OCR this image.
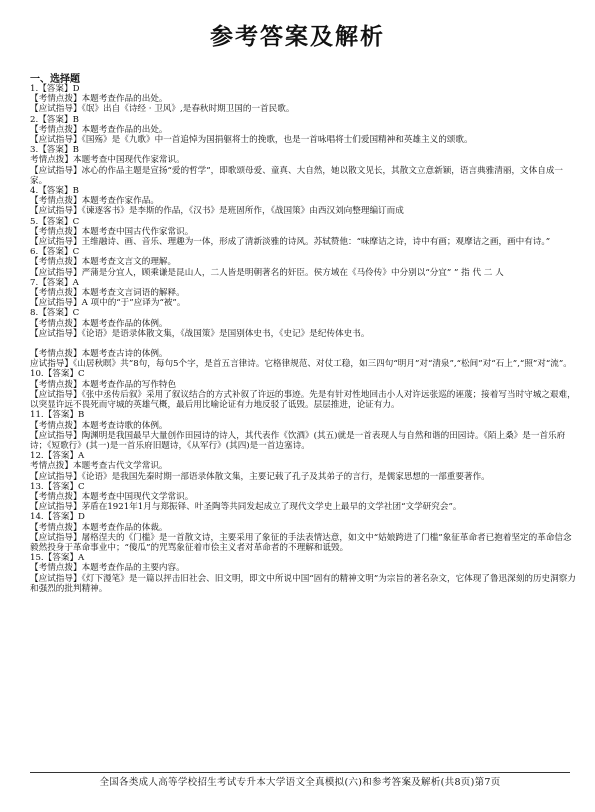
参考答案及解析
一、选择题
1.【答案】D
【考情点拨】本题考查作品的出处。
【应试指导】《氓》出自《诗经 · 卫风》,是春秋时期卫国的一首民歌。
2.【答案】B
【考情点拨】本题考查作品的出处。
【应试指导】《国殇》是《九歌》中一首追悼为国捐躯将士的挽歌，也是一首咏唱将士们爱国精神和英雄主义的颂歌。
3.【答案】B
考情点拨】本题考查中国现代作家常识。
【应试指导】冰心的作品主题是宣扬“爱的哲学”，即歌颂母爱、童真、大自然，她以散文见长，其散文立意新颖，语言典雅清丽，文体自成一家。
4.【答案】B
【考情点拨】本题考查作家作品。
【应试指导】《谏逐客书》是李斯的作品，《汉书》是班固所作，《战国策》由西汉刘向整理编订而成
5.【答案】C
【考情点拨】本题考查中国古代作家常识。
【应试指导】王维融诗、画、音乐、理趣为一体，形成了清新淡雅的诗风。苏轼赞他：“味摩诘之诗，诗中有画；观摩诘之画，画中有诗。”
6.【答案】C
【考情点拨】本题考查文言文的理解。
【应试指导】严蒲是分宜人，顾乘谦是昆山人，二人皆是明朝著名的奸臣。侯方域在《马伶传》中分别以“分宜” ” 指 代 二 人
7.【答案】A
【考情点拨】本题考查文言词语的解释。
【应试指导】A 项中的“于”应译为“被”。
8.【答案】C
【考情点拨】本题考查作品的体例。
【应试指导】《论语》是语录体散文集，《战国策》是国别体史书，《史记》是纪传体史书。
【考情点拨】本题考查古诗的体例。
应试指导】《山居秋暝》共”8句，每句5个字，是首五言律诗。它格律规范、对仗工稳，如三四句“明月”对“清泉”,“松间”对“石上”,“照”对“流”。
10.【答案】C
【考情点拨】本题考查作品的写作特色
【应试指导】《张中丞传后叙》采用了叙议结合的方式补叙了许远的事迹。先是有针对性地回击小人对许远张巡的诬蔑；接着写当时守城之艰难，以突显许远不畏死而守城的英雄气概，最后用比喻论证有力地反驳了诋毁。层层推进，论证有力。
11.【答案】B
【考情点拨】本题考查诗歌的体例。
【应试指导】陶渊明是我国最早大量创作田园诗的诗人，其代表作《饮酒》(其五)就是一首表现人与自然和谐的田园诗。《陌上桑》是一首乐府诗；《短歌行》(其一)是一首乐府旧题诗，《从军行》(其四)是一首边塞诗。
12.【答案】A
考情点拨】本题考查古代文学常识。
【应试指导】《论语》是我国先秦时期一部语录体散文集，主要记载了孔子及其弟子的言行，是儒家思想的一部重要著作。
13.【答案】C
【考情点拨】本题考查中国现代文学常识。
【应试指导】茅盾在1921年1月与郑振铎、叶圣陶等共同发起成立了现代文学史上最早的文学社团“文学研究会”。
14.【答案】D
【考情点拨】本题考查作品的体裁。
【应试指导】屠格涅夫的《门槛》是一首散文诗，主要采用了象征的手法表情达意，如文中“姑娘跨进了门槛”象征革命者已抱着坚定的革命信念毅然投身于革命事业中；“傻瓜”的咒骂象征着市侩主义者对革命者的不理解和诋毁。
15.【答案】A
【考情点拨】本题考查作品的主要内容。
【应试指导】《灯下漫笔》是一篇以抨击旧社会、旧文明，即文中所说中国“固有的精神文明”为宗旨的著名杂文，它体现了鲁迅深刻的历史洞察力和强烈的批判精神。
全国各类成人高等学校招生考试专升本大学语文全真模拟(六)和参考答案及解析(共8页)第7页
